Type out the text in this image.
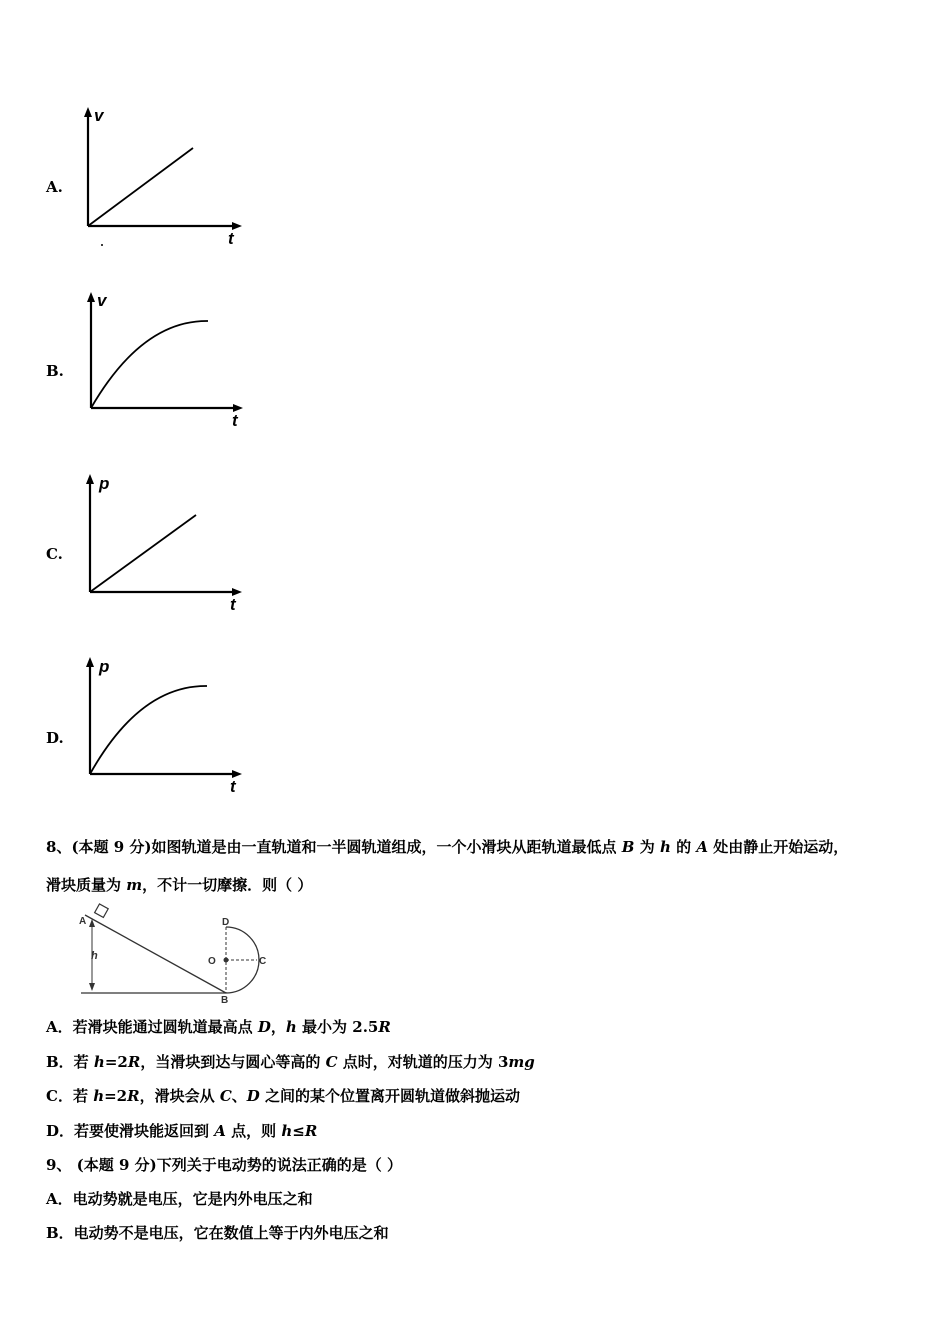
A.
v
t
B.
v
t
C.
p
t
D.
p
t
8、(本题 9 分)如图轨道是由一直轨道和一半圆轨道组成，一个小滑块从距轨道最低点 B 为 h 的 A 处由静止开始运动，
滑块质量为 m，不计一切摩擦．则（ ）
A
h
D
O	C
B
A．若滑块能通过圆轨道最高点 D，h 最小为 2.5R
B．若 h=2R，当滑块到达与圆心等高的 C 点时，对轨道的压力为 3mg
C．若 h=2R，滑块会从 C、D 之间的某个位置离开圆轨道做斜抛运动
D．若要使滑块能返回到 A 点，则 h≤R
9、 (本题 9 分)下列关于电动势的说法正确的是（ ）
A．电动势就是电压，它是内外电压之和
B．电动势不是电压，它在数值上等于内外电压之和
